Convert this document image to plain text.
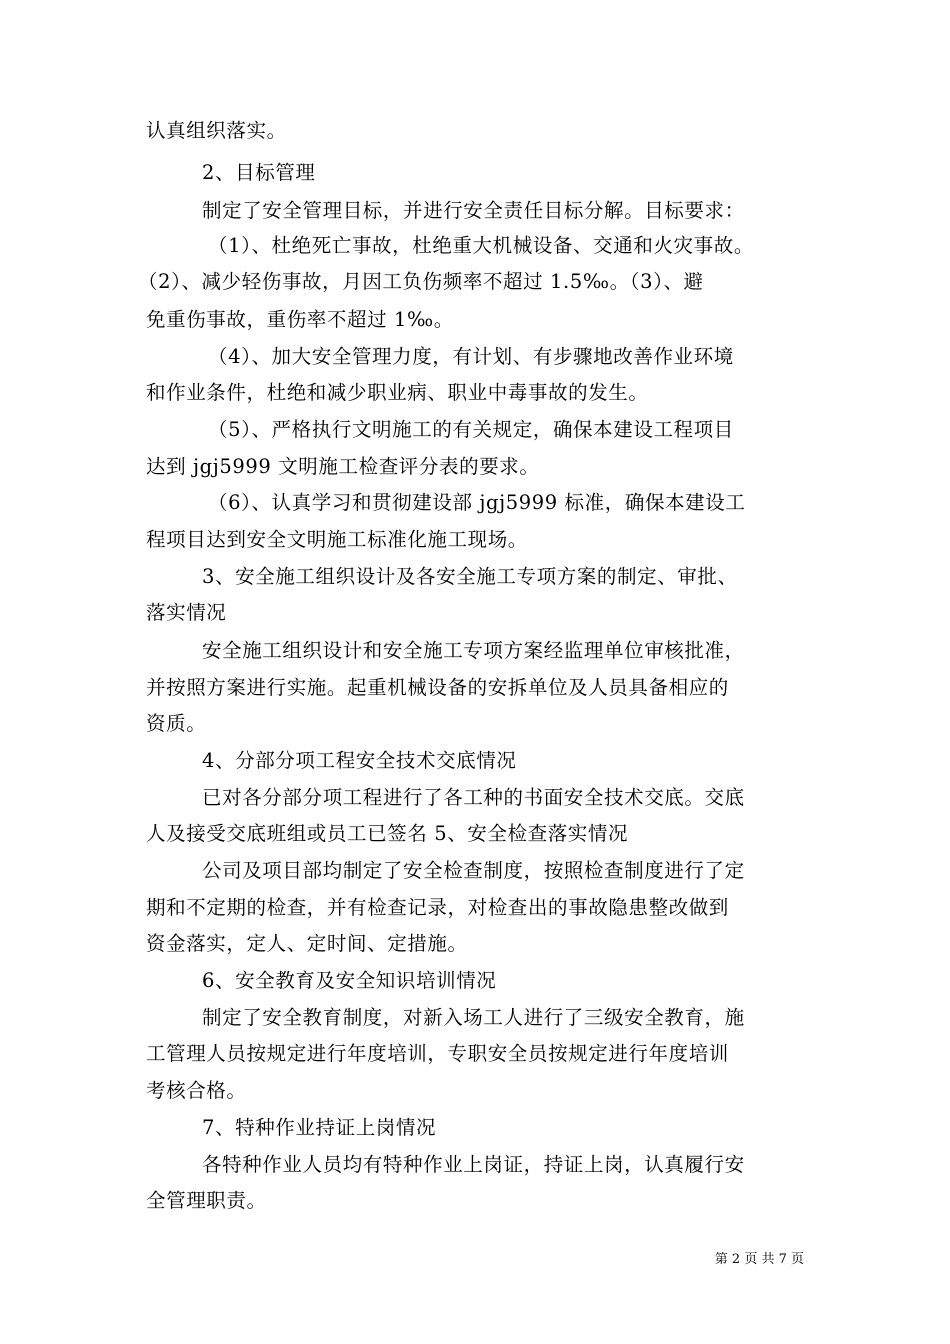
认真组织落实。
2、目标管理
制定了安全管理目标，并进行安全责任目标分解。目标要求：
（1）、杜绝死亡事故，杜绝重大机械设备、交通和火灾事故。
（2）、减少轻伤事故，月因工负伤频率不超过 1.5‰。（3）、避
免重伤事故，重伤率不超过 1‰。
（4）、加大安全管理力度，有计划、有步骤地改善作业环境
和作业条件，杜绝和减少职业病、职业中毒事故的发生。
（5）、严格执行文明施工的有关规定，确保本建设工程项目
达到 jgj5999 文明施工检查评分表的要求。
（6）、认真学习和贯彻建设部 jgj5999 标准，确保本建设工
程项目达到安全文明施工标准化施工现场。
3、安全施工组织设计及各安全施工专项方案的制定、审批、
落实情况
安全施工组织设计和安全施工专项方案经监理单位审核批准，
并按照方案进行实施。起重机械设备的安拆单位及人员具备相应的
资质。
4、分部分项工程安全技术交底情况
已对各分部分项工程进行了各工种的书面安全技术交底。交底
人及接受交底班组或员工已签名 5、安全检查落实情况
公司及项目部均制定了安全检查制度，按照检查制度进行了定
期和不定期的检查，并有检查记录，对检查出的事故隐患整改做到
资金落实，定人、定时间、定措施。
6、安全教育及安全知识培训情况
制定了安全教育制度，对新入场工人进行了三级安全教育，施
工管理人员按规定进行年度培训，专职安全员按规定进行年度培训
考核合格。
7、特种作业持证上岗情况
各特种作业人员均有特种作业上岗证，持证上岗，认真履行安
全管理职责。
第 2 页 共 7 页
